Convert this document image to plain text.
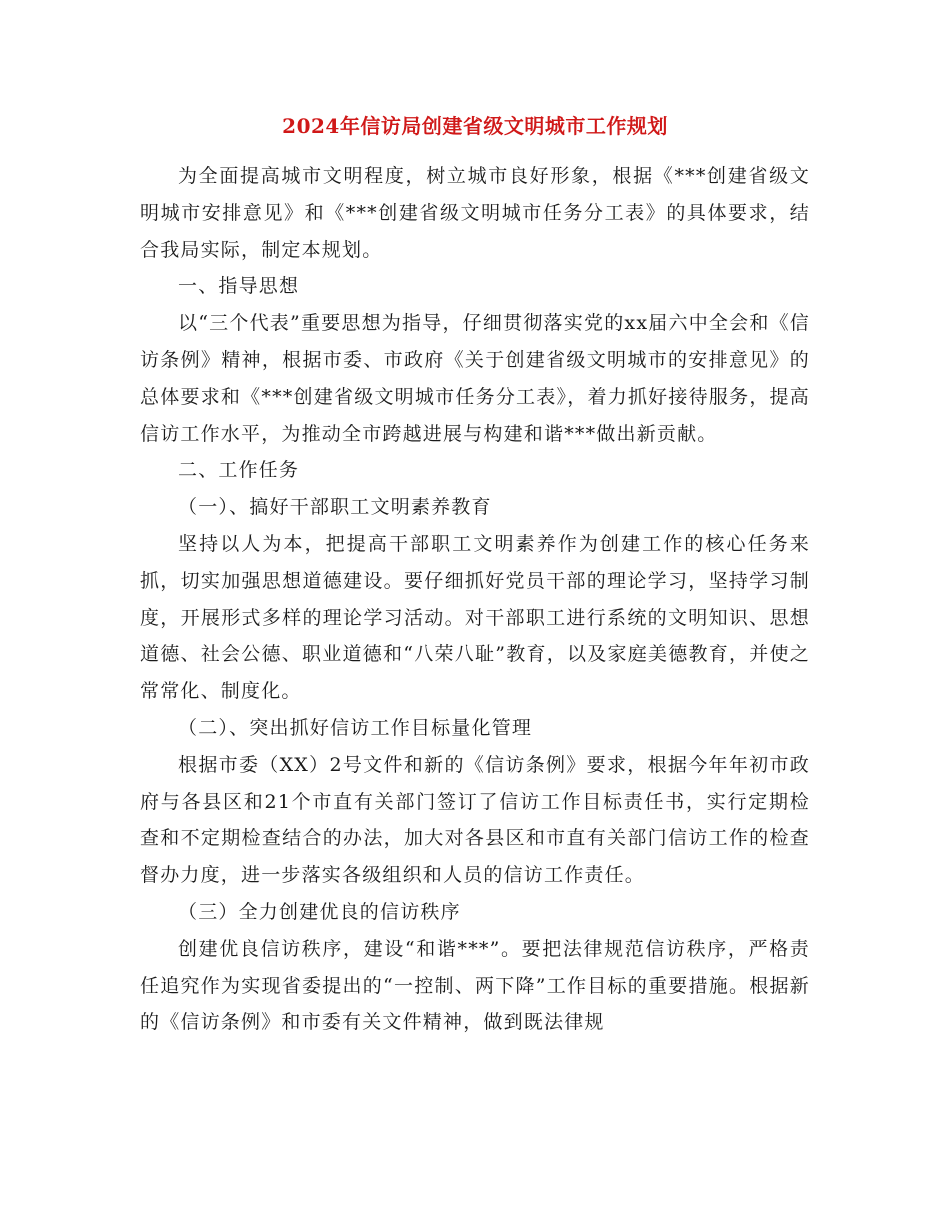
2024年信访局创建省级文明城市工作规划
为全面提高城市文明程度，树立城市良好形象，根据《***创建省级文明城市安排意见》和《***创建省级文明城市任务分工表》的具体要求，结合我局实际，制定本规划。
一、指导思想
以“三个代表”重要思想为指导，仔细贯彻落实党的xx届六中全会和《信访条例》精神，根据市委、市政府《关于创建省级文明城市的安排意见》的总体要求和《***创建省级文明城市任务分工表》，着力抓好接待服务，提高信访工作水平，为推动全市跨越进展与构建和谐***做出新贡献。
二、工作任务
（一）、搞好干部职工文明素养教育
坚持以人为本，把提高干部职工文明素养作为创建工作的核心任务来抓，切实加强思想道德建设。要仔细抓好党员干部的理论学习，坚持学习制度，开展形式多样的理论学习活动。对干部职工进行系统的文明知识、思想道德、社会公德、职业道德和“八荣八耻”教育，以及家庭美德教育，并使之常常化、制度化。
（二）、突出抓好信访工作目标量化管理
根据市委（XX）2号文件和新的《信访条例》要求，根据今年年初市政府与各县区和21个市直有关部门签订了信访工作目标责任书，实行定期检查和不定期检查结合的办法，加大对各县区和市直有关部门信访工作的检查督办力度，进一步落实各级组织和人员的信访工作责任。
（三）全力创建优良的信访秩序
创建优良信访秩序，建设“和谐***”。要把法律规范信访秩序，严格责任追究作为实现省委提出的“一控制、两下降”工作目标的重要措施。根据新的《信访条例》和市委有关文件精神，做到既法律规
